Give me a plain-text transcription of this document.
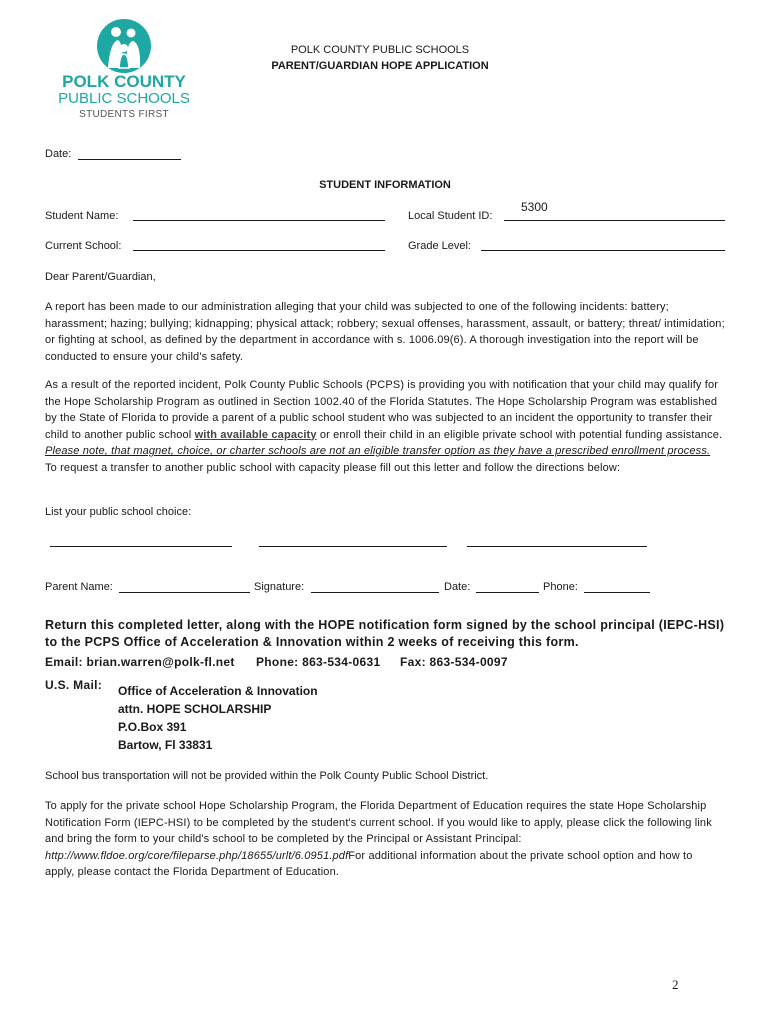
POLK COUNTY
PUBLIC SCHOOLS
STUDENTS FIRST
POLK COUNTY PUBLIC SCHOOLS
PARENT/GUARDIAN HOPE APPLICATION
Date:
STUDENT INFORMATION
Student Name:	Local Student ID:
5300
Current School:	Grade Level:
Dear Parent/Guardian,
A report has been made to our administration alleging that your child was subjected to one of the following incidents: battery; harassment; hazing; bullying; kidnapping; physical attack; robbery; sexual offenses, harassment, assault, or battery; threat/ intimidation; or fighting at school, as defined by the department in accordance with s. 1006.09(6). A thorough investigation into the report will be conducted to ensure your child's safety.
As a result of the reported incident, Polk County Public Schools (PCPS) is providing you with notification that your child may qualify for the Hope Scholarship Program as outlined in Section 1002.40 of the Florida Statutes. The Hope Scholarship Program was established by the State of Florida to provide a parent of a public school student who was subjected to an incident the opportunity to transfer their child to another public school with available capacity or enroll their child in an eligible private school with potential funding assistance. Please note, that magnet, choice, or charter schools are not an eligible transfer option as they have a prescribed enrollment process. To request a transfer to another public school with capacity please fill out this letter and follow the directions below:
List your public school choice:
Parent Name:	Signature:	Date:	Phone:
Return this completed letter, along with the HOPE notification form signed by the school principal (IEPC-HSI) to the PCPS Office of Acceleration & Innovation within 2 weeks of receiving this form.
Email: brian.warren@polk-fl.net Phone: 863-534-0631 Fax: 863-534-0097
U.S. Mail: Office of Acceleration & Innovation
attn. HOPE SCHOLARSHIP
P.O.Box 391
Bartow, Fl 33831
School bus transportation will not be provided within the Polk County Public School District.
To apply for the private school Hope Scholarship Program, the Florida Department of Education requires the state Hope Scholarship Notification Form (IEPC-HSI) to be completed by the student's current school. If you would like to apply, please click the following link and bring the form to your child's school to be completed by the Principal or Assistant Principal: http://www.fldoe.org/core/fileparse.php/18655/urlt/6.0951.pdfFor additional information about the private school option and how to apply, please contact the Florida Department of Education.
2
